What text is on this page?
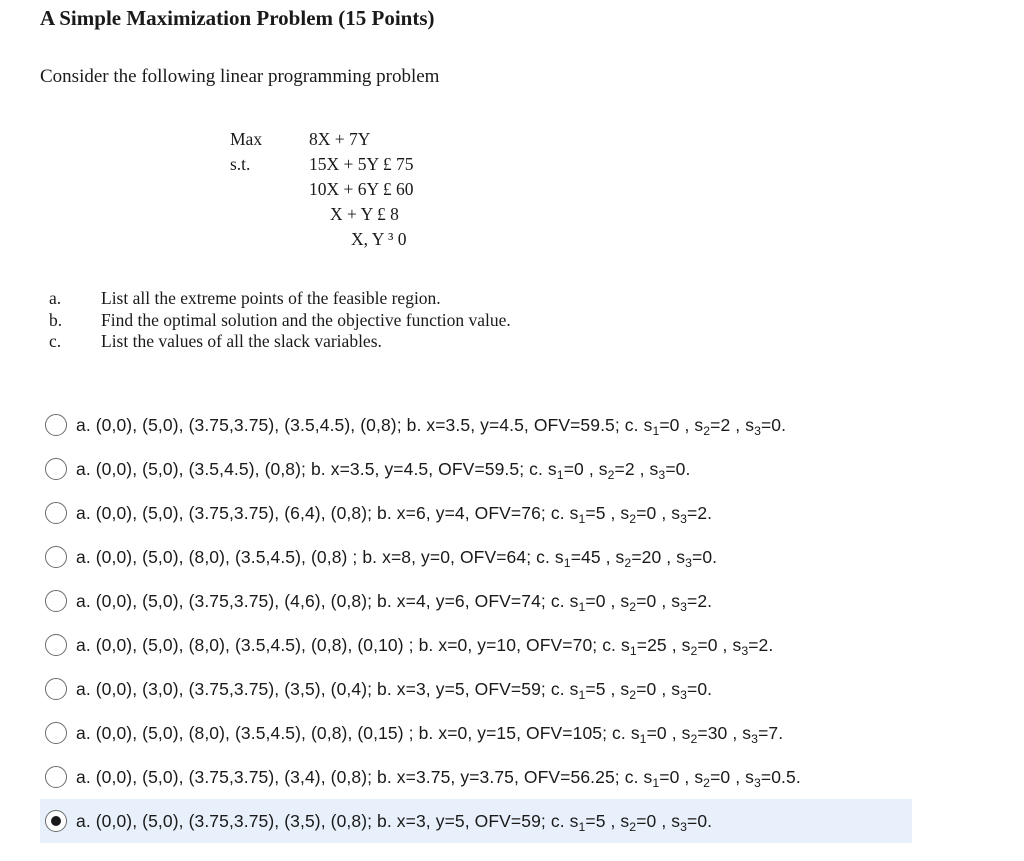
A Simple Maximization Problem (15 Points)
Consider the following linear programming problem
Max	8X + 7Y
s.t.	15X + 5Y £ 75
10X + 6Y £ 60
X + Y £ 8
X, Y ³ 0
a. List all the extreme points of the feasible region.
b. Find the optimal solution and the objective function value.
c. List the values of all the slack variables.
a. (0,0), (5,0), (3.75,3.75), (3.5,4.5), (0,8); b. x=3.5, y=4.5, OFV=59.5; c. $s_1=0$ , $s_2=2$ , $s_3=0$.
a. (0,0), (5,0), (3.5,4.5), (0,8); b. x=3.5, y=4.5, OFV=59.5; c. $s_1=0$ , $s_2=2$ , $s_3=0$.
a. (0,0), (5,0), (3.75,3.75), (6,4), (0,8); b. x=6, y=4, OFV=76; c. $s_1=5$ , $s_2=0$ , $s_3=2$.
a. (0,0), (5,0), (8,0), (3.5,4.5), (0,8) ; b. x=8, y=0, OFV=64; c. $s_1=45$ , $s_2=20$ , $s_3=0$.
a. (0,0), (5,0), (3.75,3.75), (4,6), (0,8); b. x=4, y=6, OFV=74; c. $s_1=0$ , $s_2=0$ , $s_3=2$.
a. (0,0), (5,0), (8,0), (3.5,4.5), (0,8), (0,10) ; b. x=0, y=10, OFV=70; c. $s_1=25$ , $s_2=0$ , $s_3=2$.
a. (0,0), (3,0), (3.75,3.75), (3,5), (0,4); b. x=3, y=5, OFV=59; c. $s_1=5$ , $s_2=0$ , $s_3=0$.
a. (0,0), (5,0), (8,0), (3.5,4.5), (0,8), (0,15) ; b. x=0, y=15, OFV=105; c. $s_1=0$ , $s_2=30$ , $s_3=7$.
a. (0,0), (5,0), (3.75,3.75), (3,4), (0,8); b. x=3.75, y=3.75, OFV=56.25; c. $s_1=0$ , $s_2=0$ , $s_3=0.5$.
a. (0,0), (5,0), (3.75,3.75), (3,5), (0,8); b. x=3, y=5, OFV=59; c. $s_1=5$ , $s_2=0$ , $s_3=0$.
